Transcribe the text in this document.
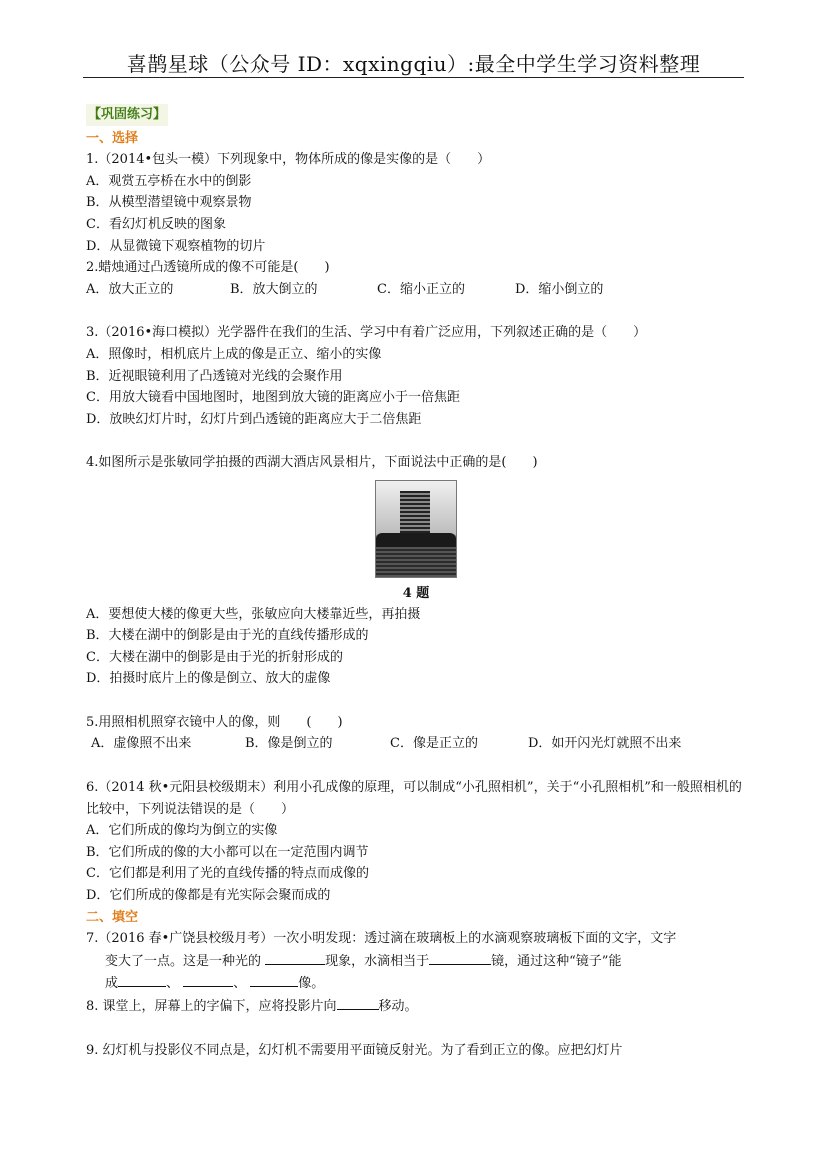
喜鹊星球（公众号 ID：xqxingqiu）:最全中学生学习资料整理
【巩固练习】
一、选择
1.（2014•包头一模）下列现象中，物体所成的像是实像的是（　　）
A．观赏五亭桥在水中的倒影
B．从模型潜望镜中观察景物
C．看幻灯机反映的图象
D．从显微镜下观察植物的切片
2.蜡烛通过凸透镜所成的像不可能是(　　)
A．放大正立的	B．放大倒立的	C．缩小正立的	D．缩小倒立的
3.（2016•海口模拟）光学器件在我们的生活、学习中有着广泛应用，下列叙述正确的是（　　）
A．照像时，相机底片上成的像是正立、缩小的实像
B．近视眼镜利用了凸透镜对光线的会聚作用
C．用放大镜看中国地图时，地图到放大镜的距离应小于一倍焦距
D．放映幻灯片时，幻灯片到凸透镜的距离应大于二倍焦距
4.如图所示是张敏同学拍摄的西湖大酒店风景相片，下面说法中正确的是(　　)
4 题
A．要想使大楼的像更大些，张敏应向大楼靠近些，再拍摄
B．大楼在湖中的倒影是由于光的直线传播形成的
C．大楼在湖中的倒影是由于光的折射形成的
D．拍摄时底片上的像是倒立、放大的虚像
5.用照相机照穿衣镜中人的像，则　　(　　)
A．虚像照不出来	B．像是倒立的	C．像是正立的	D．如开闪光灯就照不出来
6.（2014 秋•元阳县校级期末）利用小孔成像的原理，可以制成“小孔照相机”，关于“小孔照相机”和一般照相机的比较中，下列说法错误的是（　　）
A．它们所成的像均为倒立的实像
B．它们所成的像的大小都可以在一定范围内调节
C．它们都是利用了光的直线传播的特点而成像的
D．它们所成的像都是有光实际会聚而成的
二、填空
7.（2016 春•广饶县校级月考）一次小明发现：透过滴在玻璃板上的水滴观察玻璃板下面的文字，文字
变大了一点。这是一种光的	现象，水滴相当于	镜，通过这种“镜子”能
成	、	、	像。
8. 课堂上，屏幕上的字偏下，应将投影片向	移动。
9. 幻灯机与投影仪不同点是，幻灯机不需要用平面镜反射光。为了看到正立的像。应把幻灯片
